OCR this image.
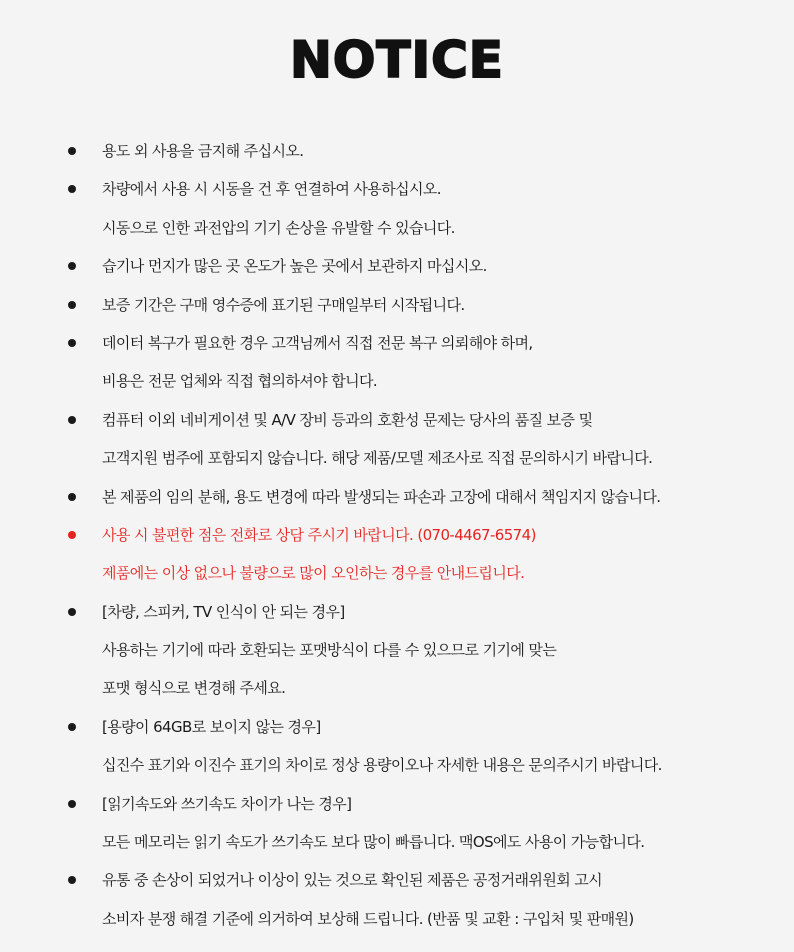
NOTICE
용도 외 사용을 금지해 주십시오.
차량에서 사용 시 시동을 건 후 연결하여 사용하십시오.
시동으로 인한 과전압의 기기 손상을 유발할 수 있습니다.
습기나 먼지가 많은 곳 온도가 높은 곳에서 보관하지 마십시오.
보증 기간은 구매 영수증에 표기된 구매일부터 시작됩니다.
데이터 복구가 필요한 경우 고객님께서 직접 전문 복구 의뢰해야 하며,
비용은 전문 업체와 직접 협의하셔야 합니다.
컴퓨터 이외 네비게이션 및 A/V 장비 등과의 호환성 문제는 당사의 품질 보증 및
고객지원 범주에 포함되지 않습니다. 해당 제품/모델 제조사로 직접 문의하시기 바랍니다.
본 제품의 임의 분해, 용도 변경에 따라 발생되는 파손과 고장에 대해서 책임지지 않습니다.
사용 시 불편한 점은 전화로 상담 주시기 바랍니다. (070-4467-6574)
제품에는 이상 없으나 불량으로 많이 오인하는 경우를 안내드립니다.
[차량, 스피커, TV 인식이 안 되는 경우]
사용하는 기기에 따라 호환되는 포맷방식이 다를 수 있으므로 기기에 맞는
포맷 형식으로 변경해 주세요.
[용량이 64GB로 보이지 않는 경우]
십진수 표기와 이진수 표기의 차이로 정상 용량이오나 자세한 내용은 문의주시기 바랍니다.
[읽기속도와 쓰기속도 차이가 나는 경우]
모든 메모리는 읽기 속도가 쓰기속도 보다 많이 빠릅니다. 맥OS에도 사용이 가능합니다.
유통 중 손상이 되었거나 이상이 있는 것으로 확인된 제품은 공정거래위원회 고시
소비자 분쟁 해결 기준에 의거하여 보상해 드립니다. (반품 및 교환 : 구입처 및 판매원)
